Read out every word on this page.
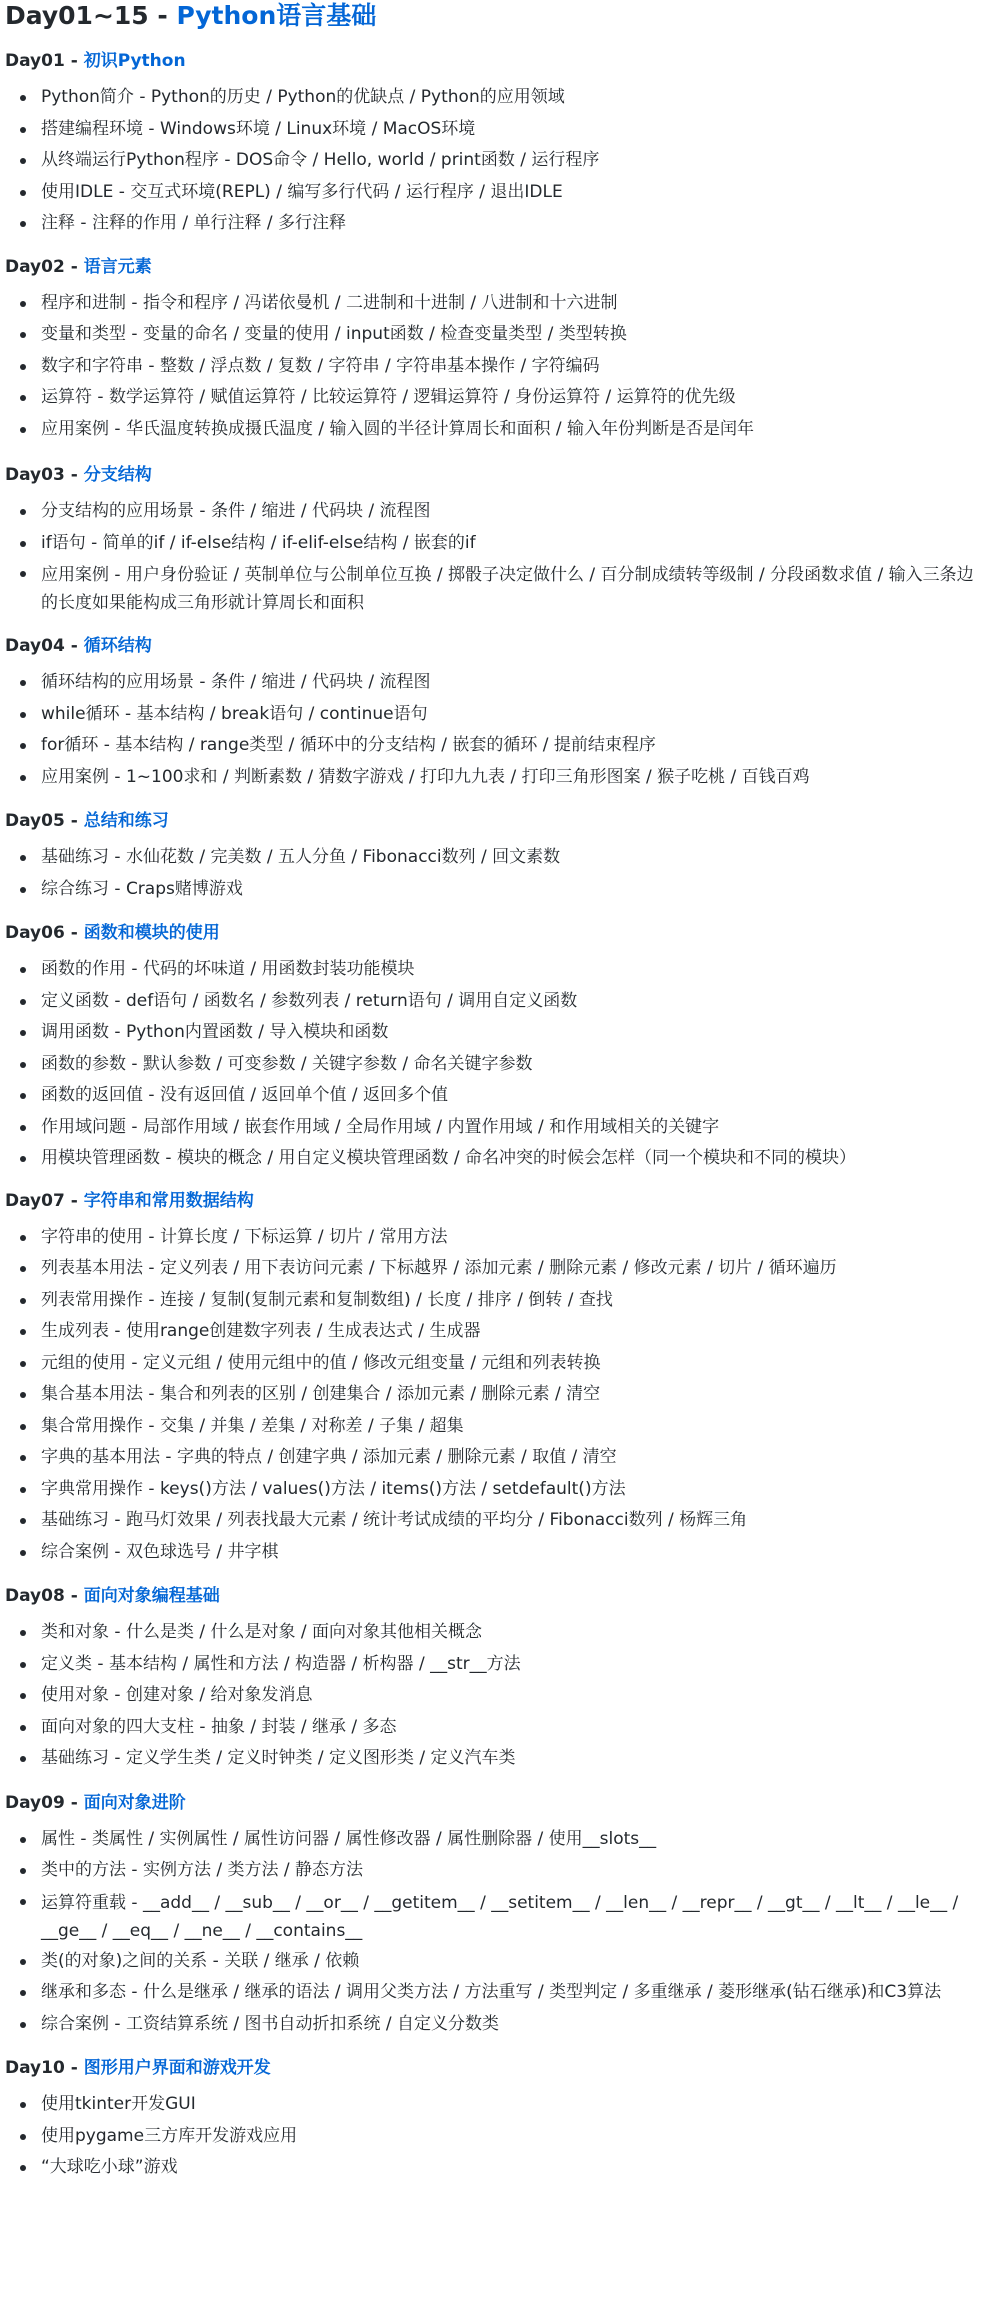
Day01~15 - Python语言基础
Day01 - 初识Python
Python简介 - Python的历史 / Python的优缺点 / Python的应用领域
搭建编程环境 - Windows环境 / Linux环境 / MacOS环境
从终端运行Python程序 - DOS命令 / Hello, world / print函数 / 运行程序
使用IDLE - 交互式环境(REPL) / 编写多行代码 / 运行程序 / 退出IDLE
注释 - 注释的作用 / 单行注释 / 多行注释
Day02 - 语言元素
程序和进制 - 指令和程序 / 冯诺依曼机 / 二进制和十进制 / 八进制和十六进制
变量和类型 - 变量的命名 / 变量的使用 / input函数 / 检查变量类型 / 类型转换
数字和字符串 - 整数 / 浮点数 / 复数 / 字符串 / 字符串基本操作 / 字符编码
运算符 - 数学运算符 / 赋值运算符 / 比较运算符 / 逻辑运算符 / 身份运算符 / 运算符的优先级
应用案例 - 华氏温度转换成摄氏温度 / 输入圆的半径计算周长和面积 / 输入年份判断是否是闰年
Day03 - 分支结构
分支结构的应用场景 - 条件 / 缩进 / 代码块 / 流程图
if语句 - 简单的if / if-else结构 / if-elif-else结构 / 嵌套的if
应用案例 - 用户身份验证 / 英制单位与公制单位互换 / 掷骰子决定做什么 / 百分制成绩转等级制 / 分段函数求值 / 输入三条边的长度如果能构成三角形就计算周长和面积
Day04 - 循环结构
循环结构的应用场景 - 条件 / 缩进 / 代码块 / 流程图
while循环 - 基本结构 / break语句 / continue语句
for循环 - 基本结构 / range类型 / 循环中的分支结构 / 嵌套的循环 / 提前结束程序
应用案例 - 1~100求和 / 判断素数 / 猜数字游戏 / 打印九九表 / 打印三角形图案 / 猴子吃桃 / 百钱百鸡
Day05 - 总结和练习
基础练习 - 水仙花数 / 完美数 / 五人分鱼 / Fibonacci数列 / 回文素数
综合练习 - Craps赌博游戏
Day06 - 函数和模块的使用
函数的作用 - 代码的坏味道 / 用函数封装功能模块
定义函数 - def语句 / 函数名 / 参数列表 / return语句 / 调用自定义函数
调用函数 - Python内置函数 / 导入模块和函数
函数的参数 - 默认参数 / 可变参数 / 关键字参数 / 命名关键字参数
函数的返回值 - 没有返回值 / 返回单个值 / 返回多个值
作用域问题 - 局部作用域 / 嵌套作用域 / 全局作用域 / 内置作用域 / 和作用域相关的关键字
用模块管理函数 - 模块的概念 / 用自定义模块管理函数 / 命名冲突的时候会怎样（同一个模块和不同的模块）
Day07 - 字符串和常用数据结构
字符串的使用 - 计算长度 / 下标运算 / 切片 / 常用方法
列表基本用法 - 定义列表 / 用下表访问元素 / 下标越界 / 添加元素 / 删除元素 / 修改元素 / 切片 / 循环遍历
列表常用操作 - 连接 / 复制(复制元素和复制数组) / 长度 / 排序 / 倒转 / 查找
生成列表 - 使用range创建数字列表 / 生成表达式 / 生成器
元组的使用 - 定义元组 / 使用元组中的值 / 修改元组变量 / 元组和列表转换
集合基本用法 - 集合和列表的区别 / 创建集合 / 添加元素 / 删除元素 / 清空
集合常用操作 - 交集 / 并集 / 差集 / 对称差 / 子集 / 超集
字典的基本用法 - 字典的特点 / 创建字典 / 添加元素 / 删除元素 / 取值 / 清空
字典常用操作 - keys()方法 / values()方法 / items()方法 / setdefault()方法
基础练习 - 跑马灯效果 / 列表找最大元素 / 统计考试成绩的平均分 / Fibonacci数列 / 杨辉三角
综合案例 - 双色球选号 / 井字棋
Day08 - 面向对象编程基础
类和对象 - 什么是类 / 什么是对象 / 面向对象其他相关概念
定义类 - 基本结构 / 属性和方法 / 构造器 / 析构器 / __str__方法
使用对象 - 创建对象 / 给对象发消息
面向对象的四大支柱 - 抽象 / 封装 / 继承 / 多态
基础练习 - 定义学生类 / 定义时钟类 / 定义图形类 / 定义汽车类
Day09 - 面向对象进阶
属性 - 类属性 / 实例属性 / 属性访问器 / 属性修改器 / 属性删除器 / 使用__slots__
类中的方法 - 实例方法 / 类方法 / 静态方法
运算符重载 - __add__ / __sub__ / __or__ / __getitem__ / __setitem__ / __len__ / __repr__ / __gt__ / __lt__ / __le__ / __ge__ / __eq__ / __ne__ / __contains__
类(的对象)之间的关系 - 关联 / 继承 / 依赖
继承和多态 - 什么是继承 / 继承的语法 / 调用父类方法 / 方法重写 / 类型判定 / 多重继承 / 菱形继承(钻石继承)和C3算法
综合案例 - 工资结算系统 / 图书自动折扣系统 / 自定义分数类
Day10 - 图形用户界面和游戏开发
使用tkinter开发GUI
使用pygame三方库开发游戏应用
“大球吃小球”游戏
